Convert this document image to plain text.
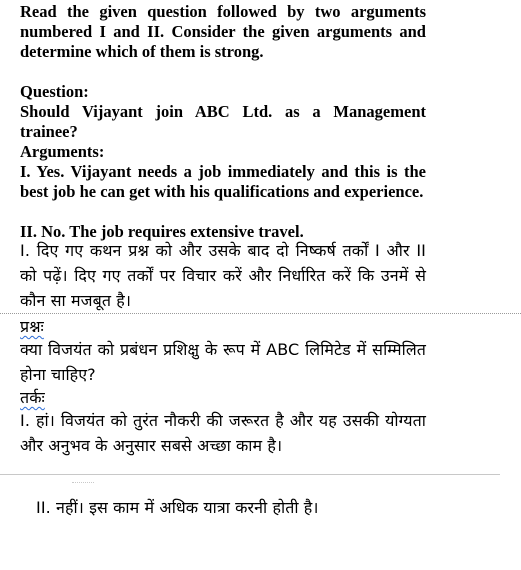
Read the given question followed by two arguments numbered I and II. Consider the given arguments and determine which of them is strong.

Question:

Should Vijayant join ABC Ltd. as a Management trainee?

Arguments:

I. Yes. Vijayant needs a job immediately and this is the best job he can get with his qualifications and experience.

II. No. The job requires extensive travel.

I. दिए गए कथन प्रश्न को और उसके बाद दो निष्कर्ष तर्कों I और II को पढ़ें। दिए गए तर्कों पर विचार करें और निर्धारित करें कि उनमें से कौन सा मजबूत है।

प्रश्नः

क्या विजयंत को प्रबंधन प्रशिक्षु के रूप में ABC लिमिटेड में सम्मिलित होना चाहिए?

तर्कः

I. हां। विजयंत को तुरंत नौकरी की जरूरत है और यह उसकी योग्यता और अनुभव के अनुसार सबसे अच्छा काम है।

II. नहीं। इस काम में अधिक यात्रा करनी होती है।
